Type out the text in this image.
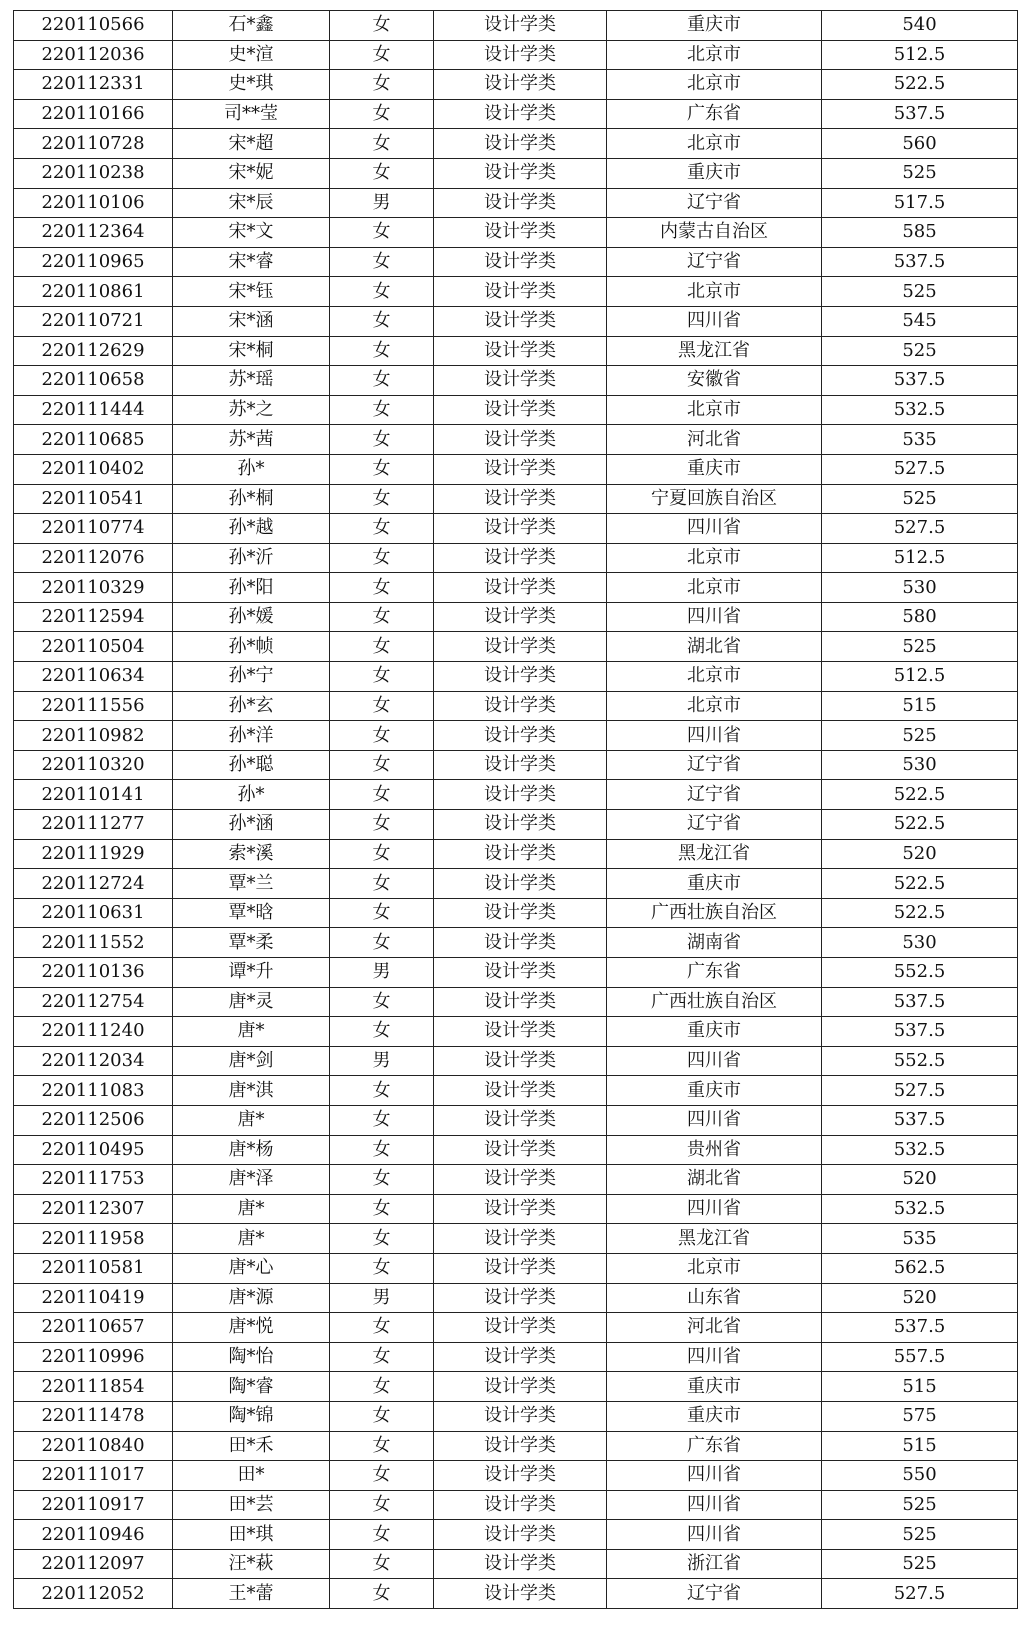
220110566	石*鑫	女	设计学类	重庆市	540
220112036	史*渲	女	设计学类	北京市	512.5
220112331	史*琪	女	设计学类	北京市	522.5
220110166	司**莹	女	设计学类	广东省	537.5
220110728	宋*超	女	设计学类	北京市	560
220110238	宋*妮	女	设计学类	重庆市	525
220110106	宋*辰	男	设计学类	辽宁省	517.5
220112364	宋*文	女	设计学类	内蒙古自治区	585
220110965	宋*睿	女	设计学类	辽宁省	537.5
220110861	宋*钰	女	设计学类	北京市	525
220110721	宋*涵	女	设计学类	四川省	545
220112629	宋*桐	女	设计学类	黑龙江省	525
220110658	苏*瑶	女	设计学类	安徽省	537.5
220111444	苏*之	女	设计学类	北京市	532.5
220110685	苏*茜	女	设计学类	河北省	535
220110402	孙*	女	设计学类	重庆市	527.5
220110541	孙*桐	女	设计学类	宁夏回族自治区	525
220110774	孙*越	女	设计学类	四川省	527.5
220112076	孙*沂	女	设计学类	北京市	512.5
220110329	孙*阳	女	设计学类	北京市	530
220112594	孙*媛	女	设计学类	四川省	580
220110504	孙*帧	女	设计学类	湖北省	525
220110634	孙*宁	女	设计学类	北京市	512.5
220111556	孙*玄	女	设计学类	北京市	515
220110982	孙*洋	女	设计学类	四川省	525
220110320	孙*聪	女	设计学类	辽宁省	530
220110141	孙*	女	设计学类	辽宁省	522.5
220111277	孙*涵	女	设计学类	辽宁省	522.5
220111929	索*溪	女	设计学类	黑龙江省	520
220112724	覃*兰	女	设计学类	重庆市	522.5
220110631	覃*晗	女	设计学类	广西壮族自治区	522.5
220111552	覃*柔	女	设计学类	湖南省	530
220110136	谭*升	男	设计学类	广东省	552.5
220112754	唐*灵	女	设计学类	广西壮族自治区	537.5
220111240	唐*	女	设计学类	重庆市	537.5
220112034	唐*剑	男	设计学类	四川省	552.5
220111083	唐*淇	女	设计学类	重庆市	527.5
220112506	唐*	女	设计学类	四川省	537.5
220110495	唐*杨	女	设计学类	贵州省	532.5
220111753	唐*泽	女	设计学类	湖北省	520
220112307	唐*	女	设计学类	四川省	532.5
220111958	唐*	女	设计学类	黑龙江省	535
220110581	唐*心	女	设计学类	北京市	562.5
220110419	唐*源	男	设计学类	山东省	520
220110657	唐*悦	女	设计学类	河北省	537.5
220110996	陶*怡	女	设计学类	四川省	557.5
220111854	陶*睿	女	设计学类	重庆市	515
220111478	陶*锦	女	设计学类	重庆市	575
220110840	田*禾	女	设计学类	广东省	515
220111017	田*	女	设计学类	四川省	550
220110917	田*芸	女	设计学类	四川省	525
220110946	田*琪	女	设计学类	四川省	525
220112097	汪*萩	女	设计学类	浙江省	525
220112052	王*蕾	女	设计学类	辽宁省	527.5
